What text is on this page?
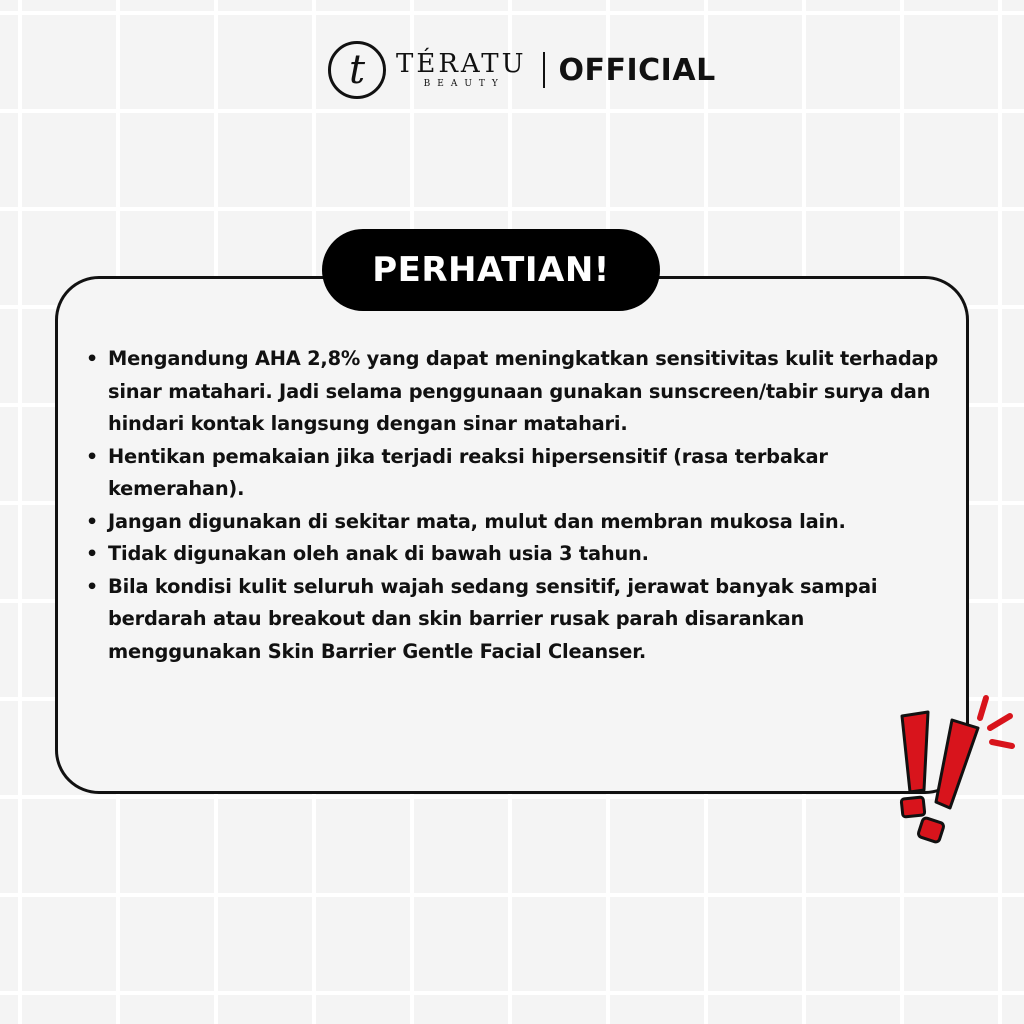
t TÉRATU
BEAUTY OFFICIAL
PERHATIAN!
• Mengandung AHA 2,8% yang dapat meningkatkan sensitivitas kulit terhadap sinar matahari. Jadi selama penggunaan gunakan sunscreen/tabir surya dan hindari kontak langsung dengan sinar matahari.
• Hentikan pemakaian jika terjadi reaksi hipersensitif (rasa terbakar kemerahan).
• Jangan digunakan di sekitar mata, mulut dan membran mukosa lain.
• Tidak digunakan oleh anak di bawah usia 3 tahun.
• Bila kondisi kulit seluruh wajah sedang sensitif, jerawat banyak sampai berdarah atau breakout dan skin barrier rusak parah disarankan menggunakan Skin Barrier Gentle Facial Cleanser.
